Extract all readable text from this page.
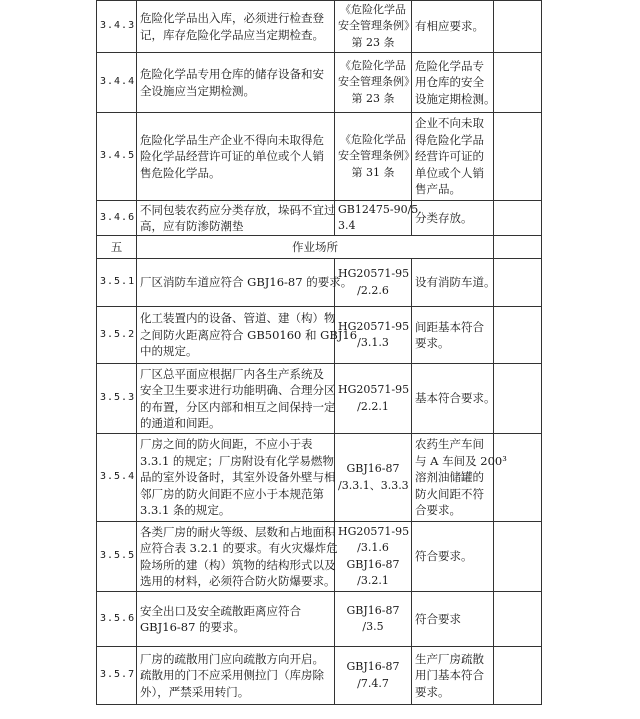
3.4.3	危险化学品出入库，必须进行检查登
记，库存危险化学品应当定期检查。	《危险化学品
安全管理条例》
第 23 条	有相应要求。	

3.4.4	危险化学品专用仓库的储存设备和安
全设施应当定期检测。	《危险化学品
安全管理条例》
第 23 条	危险化学品专
用仓库的安全
设施定期检测。	

3.4.5	危险化学品生产企业不得向未取得危
险化学品经营许可证的单位或个人销
售危险化学品。	《危险化学品
安全管理条例》
第 31 条	企业不向未取
得危险化学品
经营许可证的
单位或个人销
售产品。	

3.4.6	不同包装农药应分类存放，垛码不宜过
高，应有防渗防潮垫	GB12475-90/5.
3.4	分类存放。	

五	作业场所			
3.5.1	厂区消防车道应符合 GBJ16-87 的要求。	HG20571-95
/2.2.6	设有消防车道。	

3.5.2	化工装置内的设备、管道、建（构）物
之间防火距离应符合 GB50160 和 GBJ16
中的规定。	HG20571-95
/3.1.3	间距基本符合
要求。	

3.5.3	厂区总平面应根据厂内各生产系统及
安全卫生要求进行功能明确、合理分区
的布置，分区内部和相互之间保持一定
的通道和间距。	HG20571-95
/2.2.1	基本符合要求。	

3.5.4	厂房之间的防火间距，不应小于表
3.3.1 的规定；厂房附设有化学易燃物
品的室外设备时，其室外设备外壁与相
邻厂房的防火间距不应小于本规范第
3.3.1 条的规定。	GBJ16-87
/3.3.1、3.3.3	农药生产车间
与 A 车间及 200³
溶剂油储罐的
防火间距不符
合要求。	

3.5.5	各类厂房的耐火等级、层数和占地面积
应符合表 3.2.1 的要求。有火灾爆炸危
险场所的建（构）筑物的结构形式以及
选用的材料，必须符合防火防爆要求。	HG20571-95
/3.1.6
GBJ16-87
/3.2.1	符合要求。	

3.5.6	安全出口及安全疏散距离应符合
GBJ16-87 的要求。	GBJ16-87
/3.5	符合要求	

3.5.7	厂房的疏散用门应向疏散方向开启。
疏散用的门不应采用侧拉门（库房除
外），严禁采用转门。	GBJ16-87
/7.4.7	生产厂房疏散
用门基本符合
要求。	
